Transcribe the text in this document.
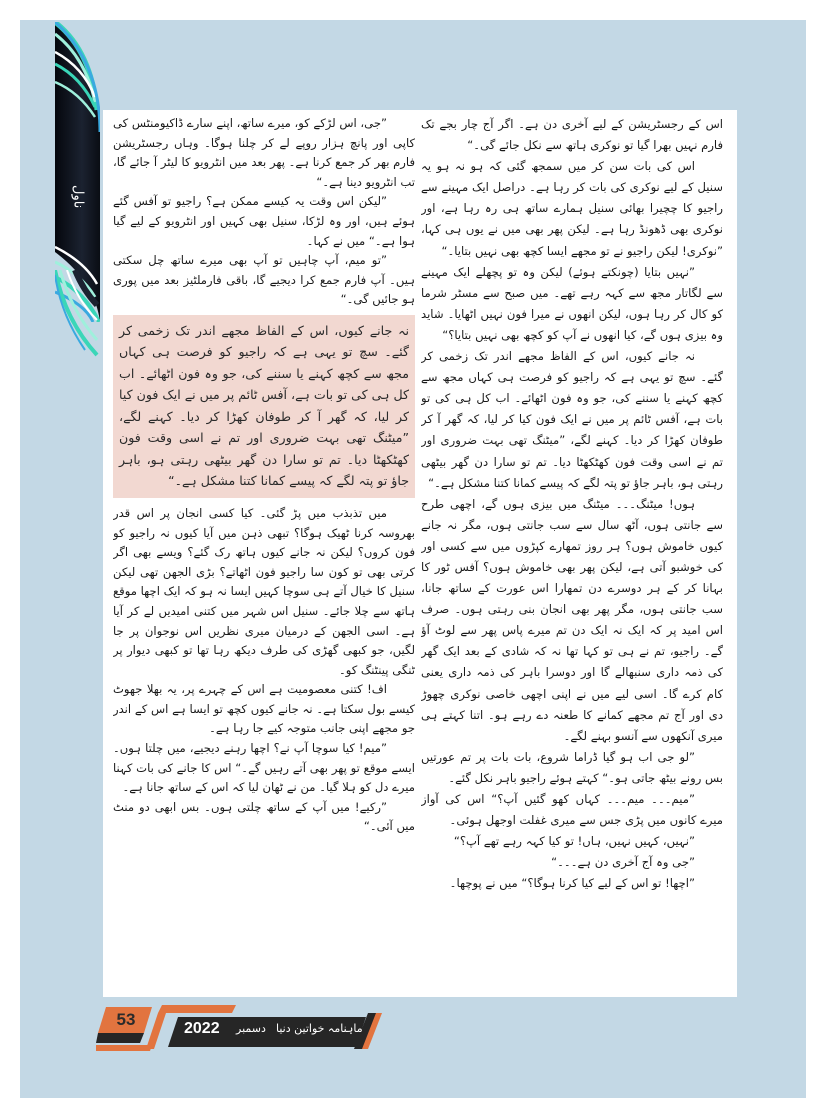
ناول

اس کے رجسٹریشن کے لیے آخری دن ہے۔ اگر آج چار بجے تک فارم نہیں بھرا گیا تو نوکری ہاتھ سے نکل جائے گی۔“

اس کی بات سن کر میں سمجھ گئی کہ ہو نہ ہو یہ سنیل کے لیے نوکری کی بات کر رہا ہے۔ دراصل ایک مہینے سے راجیو کا چچیرا بھائی سنیل ہمارے ساتھ ہی رہ رہا ہے، اور نوکری بھی ڈھونڈ رہا ہے۔ لیکن پھر بھی میں نے یوں ہی کہا، ”نوکری! لیکن راجیو نے تو مجھے ایسا کچھ بھی نہیں بتایا۔“

”نہیں بتایا (چونکتے ہوئے) لیکن وہ تو پچھلے ایک مہینے سے لگاتار مجھ سے کہہ رہے تھے۔ میں صبح سے مسٹر شرما کو کال کر رہا ہوں، لیکن انھوں نے میرا فون نہیں اٹھایا۔ شاید وہ بیزی ہوں گے، کیا انھوں نے آپ کو کچھ بھی نہیں بتایا؟“

نہ جانے کیوں، اس کے الفاظ مجھے اندر تک زخمی کر گئے۔ سچ تو یہی ہے کہ راجیو کو فرصت ہی کہاں مجھ سے کچھ کہنے یا سننے کی، جو وہ فون اٹھائے۔ اب کل ہی کی تو بات ہے، آفس ٹائم پر میں نے ایک فون کیا کر لیا، کہ گھر آ کر طوفان کھڑا کر دیا۔ کہنے لگے، ”میٹنگ تھی بہت ضروری اور تم نے اسی وقت فون کھٹکھٹا دیا۔ تم تو سارا دن گھر بیٹھی رہتی ہو، باہر جاؤ تو پتہ لگے کہ پیسے کمانا کتنا مشکل ہے۔“

ہوں! میٹنگ۔۔۔ میٹنگ میں بیزی ہوں گے، اچھی طرح سے جانتی ہوں، آٹھ سال سے سب جانتی ہوں، مگر نہ جانے کیوں خاموش ہوں؟ ہر روز تمھارے کپڑوں میں سے کسی اور کی خوشبو آتی ہے، لیکن پھر بھی خاموش ہوں؟ آفس ٹور کا بہانا کر کے ہر دوسرے دن تمھارا اس عورت کے ساتھ جانا، سب جانتی ہوں، مگر پھر بھی انجان بنی رہتی ہوں۔ صرف اس امید پر کہ ایک نہ ایک دن تم میرے پاس پھر سے لوٹ آؤ گے۔ راجیو، تم نے ہی تو کہا تھا نہ کہ شادی کے بعد ایک گھر کی ذمہ داری سنبھالے گا اور دوسرا باہر کی ذمہ داری یعنی کام کرے گا۔ اسی لیے میں نے اپنی اچھی خاصی نوکری چھوڑ دی اور آج تم مجھے کمانے کا طعنہ دے رہے ہو۔ اتنا کہتے ہی میری آنکھوں سے آنسو بہنے لگے۔

”لو جی اب ہو گیا ڈراما شروع، بات بات پر تم عورتیں بس رونے بیٹھ جاتی ہو۔“ کہتے ہوئے راجیو باہر نکل گئے۔

”میم۔۔۔ میم۔۔۔ کہاں کھو گئیں آپ؟“ اس کی آواز میرے کانوں میں پڑی جس سے میری غفلت اوجھل ہوئی۔

”نہیں، کہیں نہیں، ہاں! تو کیا کہہ رہے تھے آپ؟“

”جی وہ آج آخری دن ہے۔۔۔“

”اچھا! تو اس کے لیے کیا کرنا ہوگا؟“ میں نے پوچھا۔

”جی، اس لڑکے کو، میرے ساتھ، اپنے سارے ڈاکیومنٹس کی کاپی اور پانچ ہزار روپے لے کر چلنا ہوگا۔ وہاں رجسٹریشن فارم بھر کر جمع کرنا ہے۔ پھر بعد میں انٹرویو کا لیٹر آ جائے گا، تب انٹرویو دینا ہے۔“

”لیکن اس وقت یہ کیسے ممکن ہے؟ راجیو تو آفس گئے ہوئے ہیں، اور وہ لڑکا، سنیل بھی کہیں اور انٹرویو کے لیے گیا ہوا ہے۔“ میں نے کہا۔

”تو میم، آپ چاہیں تو آپ بھی میرے ساتھ چل سکتی ہیں۔ آپ فارم جمع کرا دیجیے گا، باقی فارملٹیز بعد میں پوری ہو جائیں گی۔“

نہ جانے کیوں، اس کے الفاظ مجھے اندر تک زخمی کر گئے۔ سچ تو یہی ہے کہ راجیو کو فرصت ہی کہاں مجھ سے کچھ کہنے یا سننے کی، جو وہ فون اٹھائے۔ اب کل ہی کی تو بات ہے، آفس ٹائم پر میں نے ایک فون کیا کر لیا، کہ گھر آ کر طوفان کھڑا کر دیا۔ کہنے لگے، ”میٹنگ تھی بہت ضروری اور تم نے اسی وقت فون کھٹکھٹا دیا۔ تم تو سارا دن گھر بیٹھی رہتی ہو، باہر جاؤ تو پتہ لگے کہ پیسے کمانا کتنا مشکل ہے۔“

میں تذبذب میں پڑ گئی۔ کیا کسی انجان پر اس قدر بھروسہ کرنا ٹھیک ہوگا؟ تبھی ذہن میں آیا کیوں نہ راجیو کو فون کروں؟ لیکن نہ جانے کیوں ہاتھ رک گئے؟ ویسے بھی اگر کرتی بھی تو کون سا راجیو فون اٹھاتے؟ بڑی الجھن تھی لیکن سنیل کا خیال آتے ہی سوچا کہیں ایسا نہ ہو کہ ایک اچھا موقع ہاتھ سے چلا جائے۔ سنیل اس شہر میں کتنی امیدیں لے کر آیا ہے۔ اسی الجھن کے درمیان میری نظریں اس نوجوان پر جا لگیں، جو کبھی گھڑی کی طرف دیکھ رہا تھا تو کبھی دیوار پر ٹنگی پینٹنگ کو۔

اف! کتنی معصومیت ہے اس کے چہرے پر، یہ بھلا جھوٹ کیسے بول سکتا ہے۔ نہ جانے کیوں کچھ تو ایسا ہے اس کے اندر جو مجھے اپنی جانب متوجہ کیے جا رہا ہے۔

”میم! کیا سوچا آپ نے؟ اچھا رہنے دیجیے، میں چلتا ہوں۔ ایسے موقع تو پھر بھی آتے رہیں گے۔“ اس کا جانے کی بات کہنا میرے دل کو ہلا گیا۔ من نے ٹھان لیا کہ اس کے ساتھ جانا ہے۔

”رکیے! میں آپ کے ساتھ چلتی ہوں۔ بس ابھی دو منٹ میں آئی۔“

53	2022 دسمبر ماہنامہ خواتین دنیا
